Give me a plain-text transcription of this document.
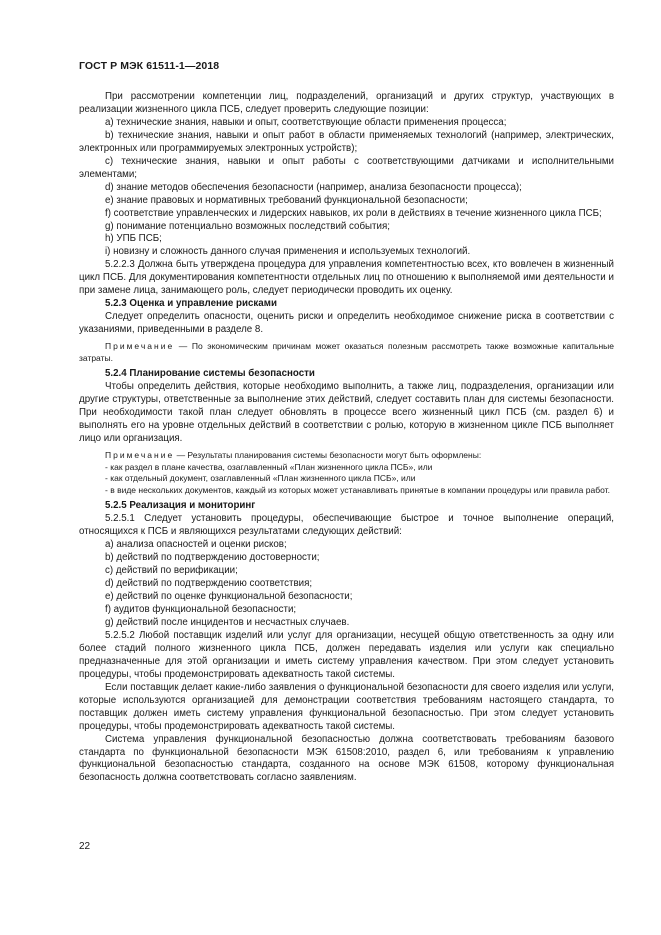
ГОСТ Р МЭК 61511-1—2018

При рассмотрении компетенции лиц, подразделений, организаций и других структур, участвующих в реализации жизненного цикла ПСБ, следует проверить следующие позиции:

a) технические знания, навыки и опыт, соответствующие области применения процесса;

b) технические знания, навыки и опыт работ в области применяемых технологий (например, электрических, электронных или программируемых электронных устройств);

c) технические знания, навыки и опыт работы с соответствующими датчиками и исполнительными элементами;

d) знание методов обеспечения безопасности (например, анализа безопасности процесса);

e) знание правовых и нормативных требований функциональной безопасности;

f) соответствие управленческих и лидерских навыков, их роли в действиях в течение жизненного цикла ПСБ;

g) понимание потенциально возможных последствий события;

h) УПБ ПСБ;

i) новизну и сложность данного случая применения и используемых технологий.

5.2.2.3 Должна быть утверждена процедура для управления компетентностью всех, кто вовлечен в жизненный цикл ПСБ. Для документирования компетентности отдельных лиц по отношению к выполняемой ими деятельности и при замене лица, занимающего роль, следует периодически проводить их оценку.

5.2.3 Оценка и управление рисками

Следует определить опасности, оценить риски и определить необходимое снижение риска в соответствии с указаниями, приведенными в разделе 8.

Примечание — По экономическим причинам может оказаться полезным рассмотреть также возможные капитальные затраты.

5.2.4 Планирование системы безопасности

Чтобы определить действия, которые необходимо выполнить, а также лиц, подразделения, организации или другие структуры, ответственные за выполнение этих действий, следует составить план для системы безопасности. При необходимости такой план следует обновлять в процессе всего жизненный цикл ПСБ (см. раздел 6) и выполнять его на уровне отдельных действий в соответствии с ролью, которую в жизненном цикле ПСБ выполняет лицо или организация.

Примечание — Результаты планирования системы безопасности могут быть оформлены:

- как раздел в плане качества, озаглавленный «План жизненного цикла ПСБ», или

- как отдельный документ, озаглавленный «План жизненного цикла ПСБ», или

- в виде нескольких документов, каждый из которых может устанавливать принятые в компании процедуры или правила работ.

5.2.5 Реализация и мониторинг

5.2.5.1 Следует установить процедуры, обеспечивающие быстрое и точное выполнение операций, относящихся к ПСБ и являющихся результатами следующих действий:

a) анализа опасностей и оценки рисков;

b) действий по подтверждению достоверности;

c) действий по верификации;

d) действий по подтверждению соответствия;

e) действий по оценке функциональной безопасности;

f) аудитов функциональной безопасности;

g) действий после инцидентов и несчастных случаев.

5.2.5.2 Любой поставщик изделий или услуг для организации, несущей общую ответственность за одну или более стадий полного жизненного цикла ПСБ, должен передавать изделия или услуги как специально предназначенные для этой организации и иметь систему управления качеством. При этом следует установить процедуры, чтобы продемонстрировать адекватность такой системы.

Если поставщик делает какие-либо заявления о функциональной безопасности для своего изделия или услуги, которые используются организацией для демонстрации соответствия требованиям настоящего стандарта, то поставщик должен иметь систему управления функциональной безопасностью. При этом следует установить процедуры, чтобы продемонстрировать адекватность такой системы.

Система управления функциональной безопасностью должна соответствовать требованиям базового стандарта по функциональной безопасности МЭК 61508:2010, раздел 6, или требованиям к управлению функциональной безопасностью стандарта, созданного на основе МЭК 61508, которому функциональная безопасность должна соответствовать согласно заявлениям.

22
